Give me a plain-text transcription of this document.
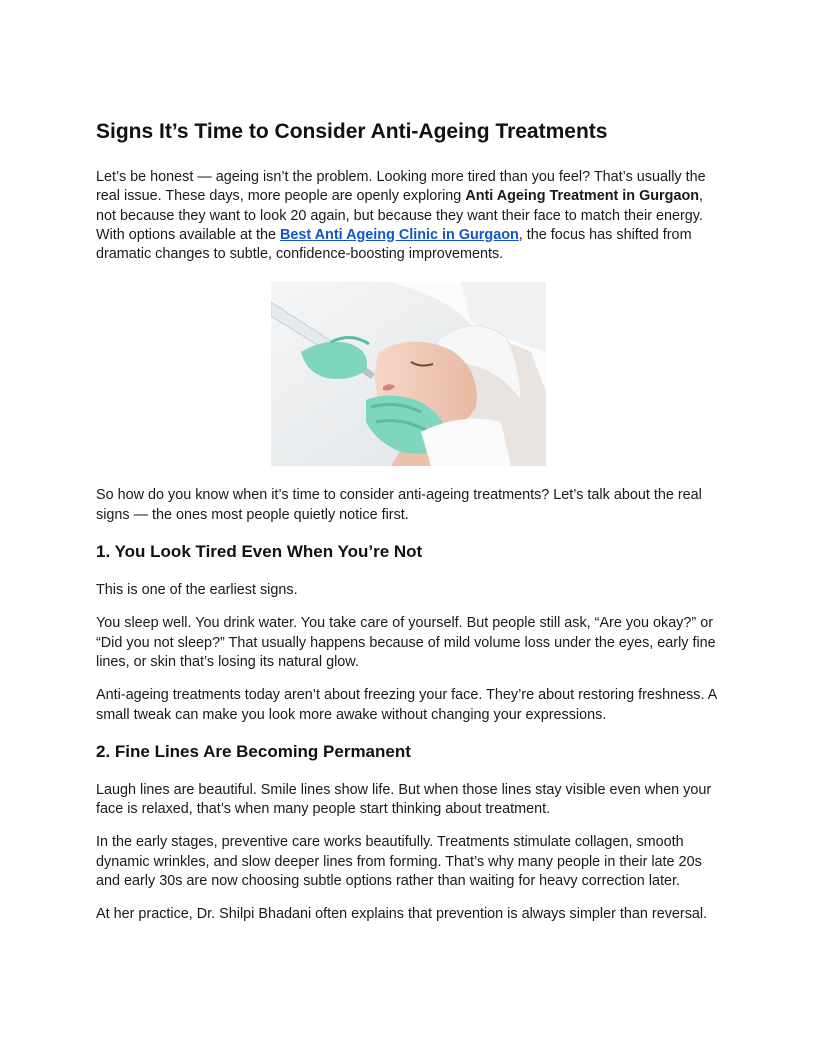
Signs It’s Time to Consider Anti-Ageing Treatments

Let’s be honest — ageing isn’t the problem. Looking more tired than you feel? That’s usually the real issue. These days, more people are openly exploring Anti Ageing Treatment in Gurgaon, not because they want to look 20 again, but because they want their face to match their energy. With options available at the Best Anti Ageing Clinic in Gurgaon, the focus has shifted from dramatic changes to subtle, confidence-boosting improvements.

So how do you know when it’s time to consider anti-ageing treatments? Let’s talk about the real signs — the ones most people quietly notice first.

1. You Look Tired Even When You’re Not

This is one of the earliest signs.

You sleep well. You drink water. You take care of yourself. But people still ask, “Are you okay?” or “Did you not sleep?” That usually happens because of mild volume loss under the eyes, early fine lines, or skin that’s losing its natural glow.

Anti-ageing treatments today aren’t about freezing your face. They’re about restoring freshness. A small tweak can make you look more awake without changing your expressions.

2. Fine Lines Are Becoming Permanent

Laugh lines are beautiful. Smile lines show life. But when those lines stay visible even when your face is relaxed, that’s when many people start thinking about treatment.

In the early stages, preventive care works beautifully. Treatments stimulate collagen, smooth dynamic wrinkles, and slow deeper lines from forming. That’s why many people in their late 20s and early 30s are now choosing subtle options rather than waiting for heavy correction later.

At her practice, Dr. Shilpi Bhadani often explains that prevention is always simpler than reversal.
